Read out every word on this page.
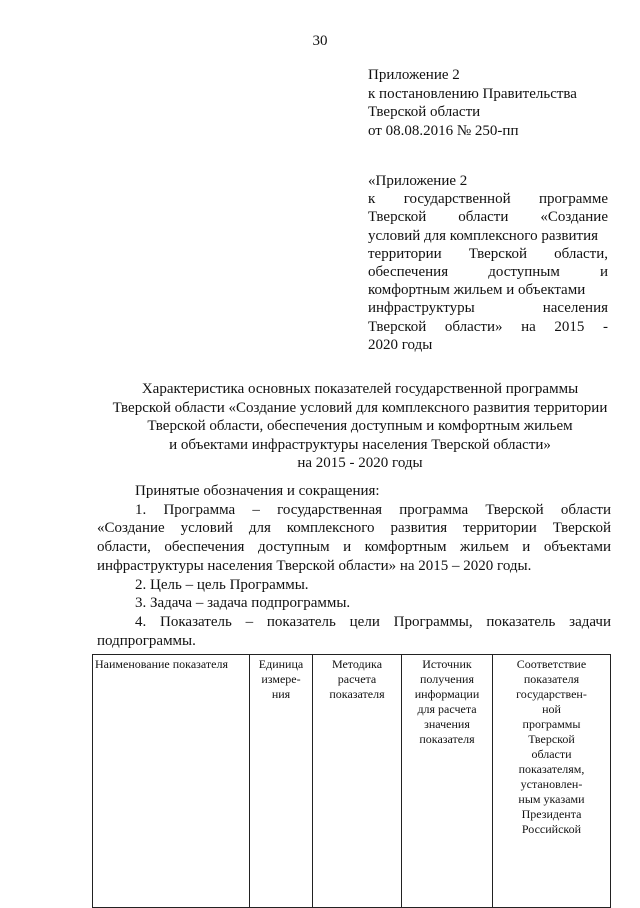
30
Приложение 2
к постановлению Правительства
Тверской области
от 08.08.2016 № 250-пп
«Приложение 2
к государственной программе
Тверской области «Создание
условий для комплексного развития
территории Тверской области,
обеспечения доступным и
комфортным жильем и объектами
инфраструктуры населения
Тверской области» на 2015 -
2020 годы
Характеристика основных показателей государственной программы
Тверской области «Создание условий для комплексного развития территории
Тверской области, обеспечения доступным и комфортным жильем
и объектами инфраструктуры населения Тверской области»
на 2015 - 2020 годы

Принятые обозначения и сокращения:

1. Программа – государственная программа Тверской области

«Создание условий для комплексного развития территории Тверской

области, обеспечения доступным и комфортным жильем и объектами

инфраструктуры населения Тверской области» на 2015 – 2020 годы.

2. Цель – цель Программы.

3. Задача – задача подпрограммы.

4. Показатель – показатель цели Программы, показатель задачи

подпрограммы.

Наименование показателя	Единица
измере-
ния	Методика
расчета
показателя	Источник
получения
информации
для расчета
значения
показателя	Соответствие
показателя
государствен-
ной
программы
Тверской
области
показателям,
установлен-
ным указами
Президента
Российской
